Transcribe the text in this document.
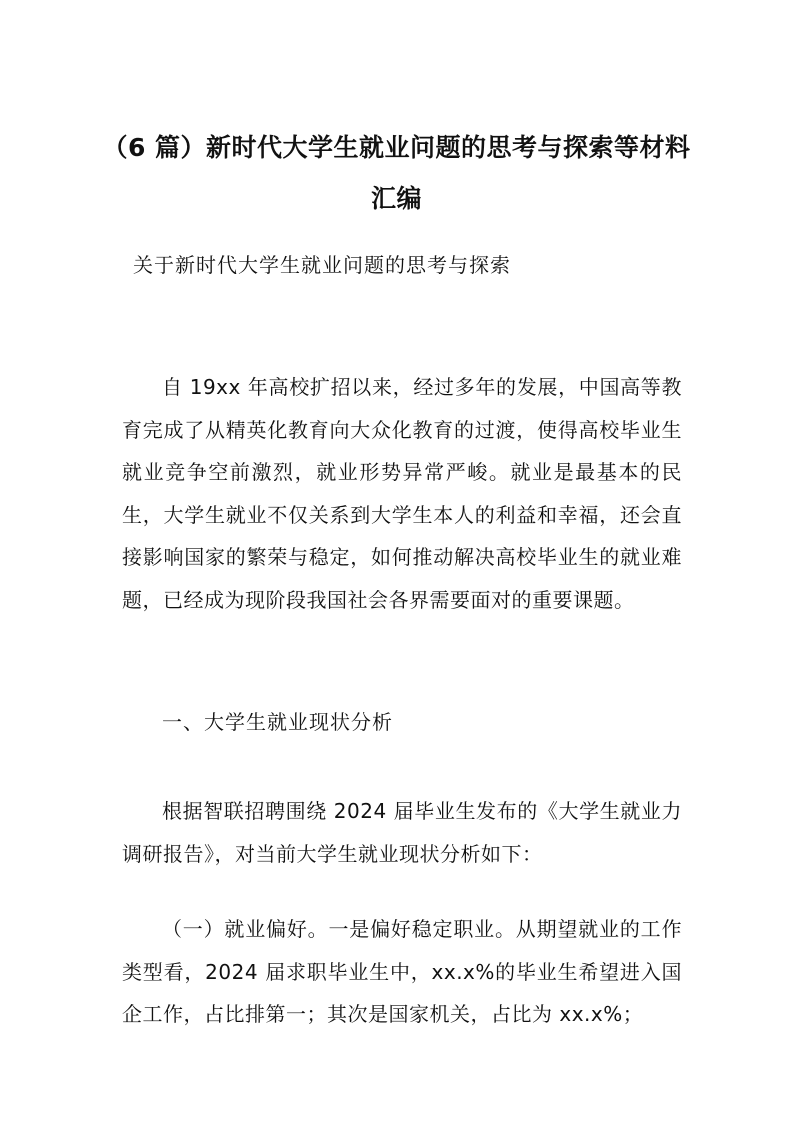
（6 篇）新时代大学生就业问题的思考与探索等材料
汇编
关于新时代大学生就业问题的思考与探索

自 19xx 年高校扩招以来，经过多年的发展，中国高等教育完成了从精英化教育向大众化教育的过渡，使得高校毕业生就业竞争空前激烈，就业形势异常严峻。就业是最基本的民生，大学生就业不仅关系到大学生本人的利益和幸福，还会直接影响国家的繁荣与稳定，如何推动解决高校毕业生的就业难题，已经成为现阶段我国社会各界需要面对的重要课题。

一、大学生就业现状分析

根据智联招聘围绕 2024 届毕业生发布的《大学生就业力调研报告》，对当前大学生就业现状分析如下：

（一）就业偏好。一是偏好稳定职业。从期望就业的工作类型看，2024 届求职毕业生中，xx.x%的毕业生希望进入国企工作，占比排第一；其次是国家机关，占比为 xx.x%；
